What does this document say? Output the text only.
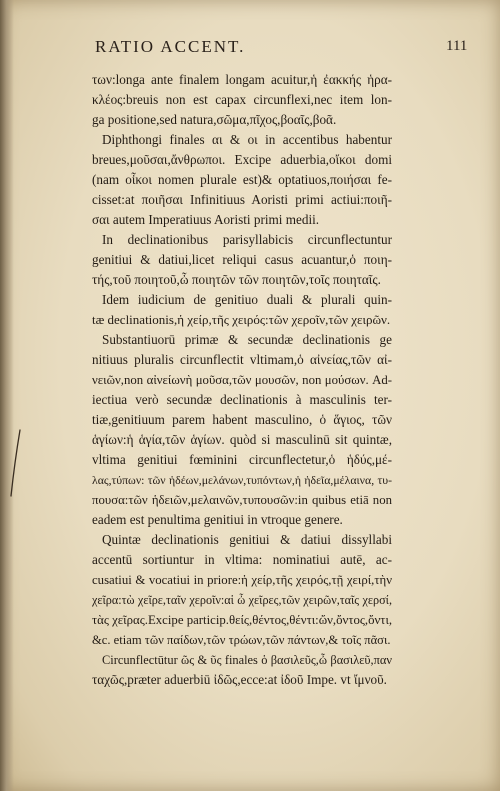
RATIO ACCENT.	111
των:longa ante finalem longam acuitur,ἡ ἐακκής ἡρα-
κλέος:breuis non est capax circunflexi,nec item lon-
ga positione,sed natura,σῶμα,πῖχος,βοαῖς,βοᾶ.
Diphthongi finales αι & οι in accentibus habentur
breues,μοῦσαι,ἄνθρωποι. Excipe aduerbia,οἴκοι domi
(nam οἶκοι nomen plurale est)& optatiuos,ποιήσαι fe-
cisset:at ποιῆσαι Infinitiuus Aoristi primi actiui:ποιῆ-
σαι autem Imperatiuus Aoristi primi medii.
In declinationibus parisyllabicis circunflectuntur
genitiui & datiui,licet reliqui casus acuantur,ὁ ποιη-
τής,τοῦ ποιητοῦ,ὦ ποιητῶν τῶν ποιητῶν,τοῖς ποιηταῖς.
Idem iudicium de genitiuo duali & plurali quin-
tæ declinationis,ἡ χείρ,τῆς χειρός:τῶν χεροῖν,τῶν χειρῶν.
Substantiuorū primæ & secundæ declinationis ge
nitiuus pluralis circunflectit vltimam,ὁ αἰνείας,τῶν αἰ-
νειῶν,non αἰνείωνὴ μοῦσα,τῶν μουσῶν, non μούσων. Ad-
iectiua verò secundæ declinationis à masculinis ter-
tiæ,genitiuum parem habent masculino, ὁ ἅγιος, τῶν
ἁγίων:ἡ ἁγία,τῶν ἁγίων. quòd si masculinū sit quintæ,
vltima genitiui fœminini circunflectetur,ὁ ἡδύς,μέ-
λας,τύπων: τῶν ἡδέων,μελάνων,τυπόντων,ἡ ἡδεῖα,μέλαινα, τυ-
πουσα:τῶν ἡδειῶν,μελαινῶν,τυπουσῶν:in quibus etiā non
eadem est penultima genitiui in vtroque genere.
Quintæ declinationis genitiui & datiui dissyllabi
accentū sortiuntur in vltima: nominatiui autē, ac-
cusatiui & vocatiui in priore:ἡ χείρ,τῆς χειρός,τῇ χειρί,τὴν
χεῖρα:τὼ χεῖρε,ταῖν χεροῖν:αἱ ὦ χεῖρες,τῶν χειρῶν,ταῖς χερσί,
τὰς χεῖρας.Excipe particip.θείς,θέντος,θέντι:ὤν,ὄντος,ὄντι,
&c. etiam τῶν παίδων,τῶν τρώων,τῶν πάντων,& τοῖς πᾶσι.
Circunflectūtur ῶς & ῦς finales ὁ βασιλεῦς,ὦ βασιλεῦ,παν
ταχῶς,præter aduerbiū ἰδῶς,ecce:at ἰδοῦ Impe. vt ἴμνοῦ.
